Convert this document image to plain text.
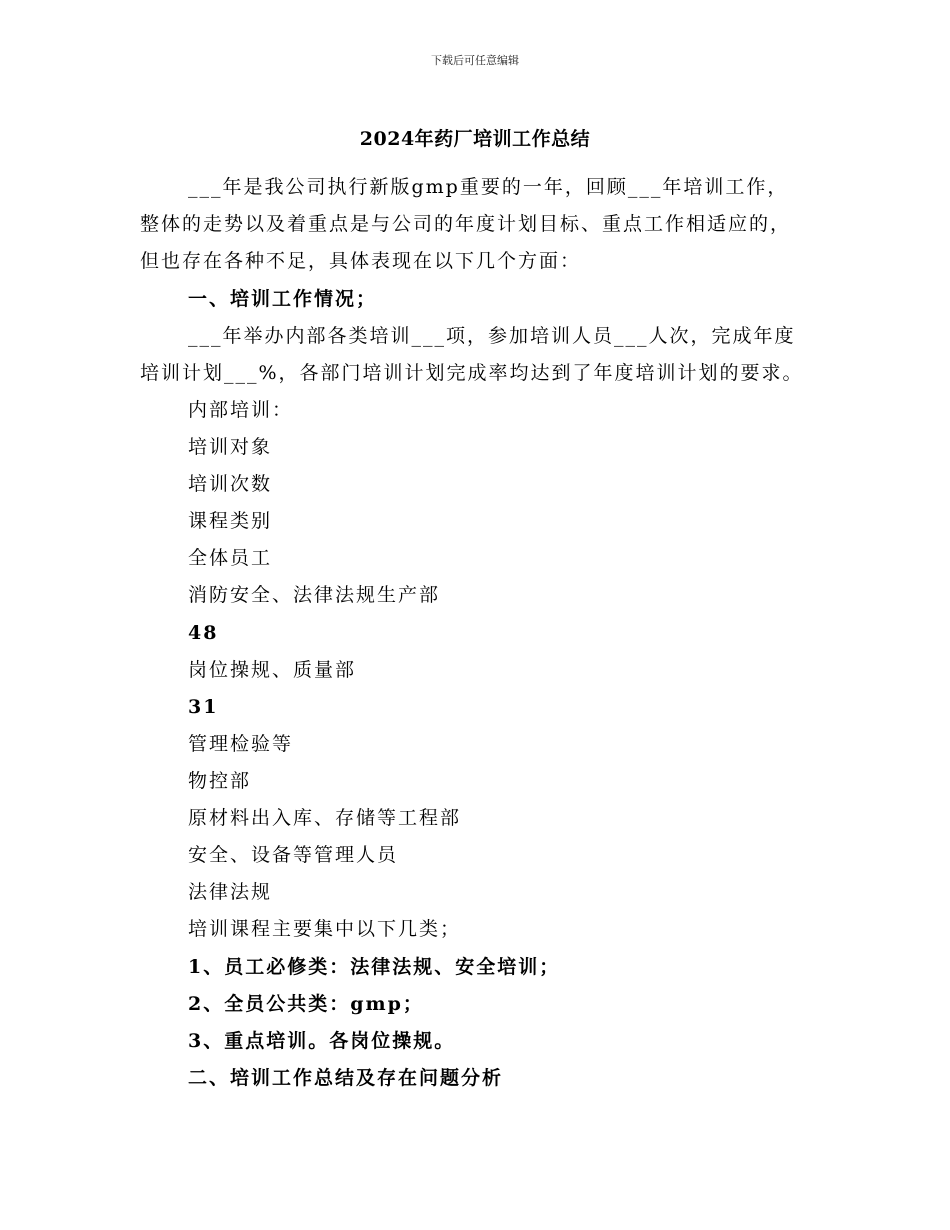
下载后可任意编辑
2024年药厂培训工作总结
___年是我公司执行新版gmp重要的一年，回顾___年培训工作，
整体的走势以及着重点是与公司的年度计划目标、重点工作相适应的，
但也存在各种不足，具体表现在以下几个方面：
一、培训工作情况；
___年举办内部各类培训___项，参加培训人员___人次，完成年度
培训计划___%，各部门培训计划完成率均达到了年度培训计划的要求。
内部培训：
培训对象
培训次数
课程类别
全体员工
消防安全、法律法规生产部
48
岗位操规、质量部
31
管理检验等
物控部
原材料出入库、存储等工程部
安全、设备等管理人员
法律法规
培训课程主要集中以下几类；
1、员工必修类：法律法规、安全培训；
2、全员公共类：gmp；
3、重点培训。各岗位操规。
二、培训工作总结及存在问题分析
